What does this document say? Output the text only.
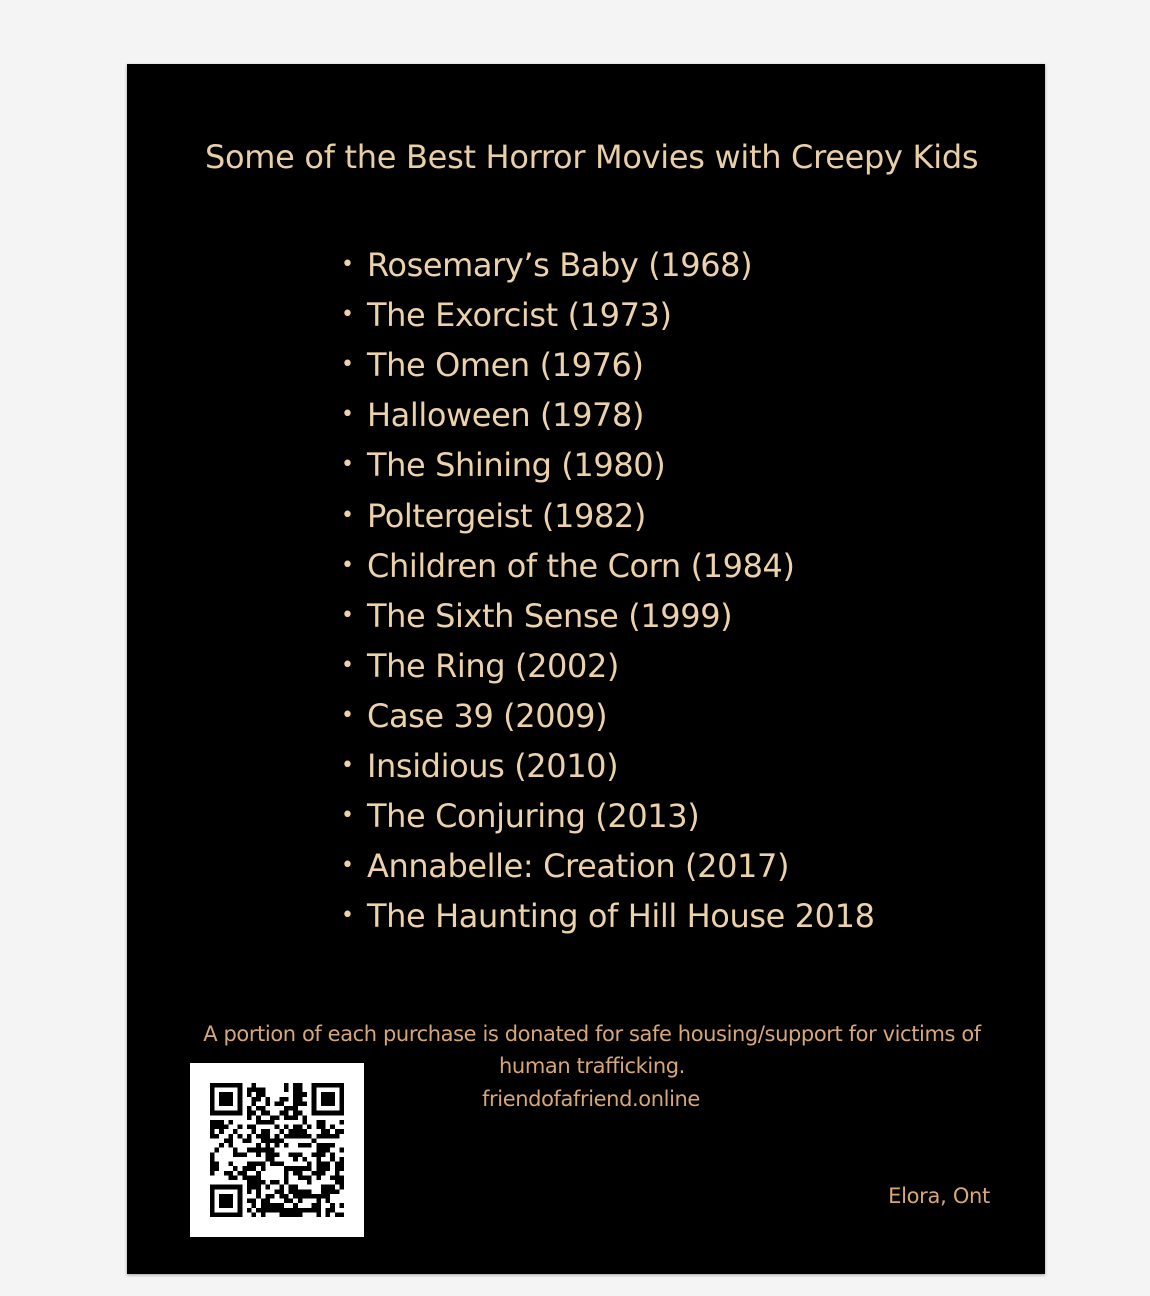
Some of the Best Horror Movies with Creepy Kids
• Rosemary’s Baby (1968)
• The Exorcist (1973)
• The Omen (1976)
• Halloween (1978)
• The Shining (1980)
• Poltergeist (1982)
• Children of the Corn (1984)
• The Sixth Sense (1999)
• The Ring (2002)
• Case 39 (2009)
• Insidious (2010)
• The Conjuring (2013)
• Annabelle: Creation (2017)
• The Haunting of Hill House 2018

A portion of each purchase is donated for safe housing/support for victims of human trafficking.

friendofafriend.online
Elora, Ont
